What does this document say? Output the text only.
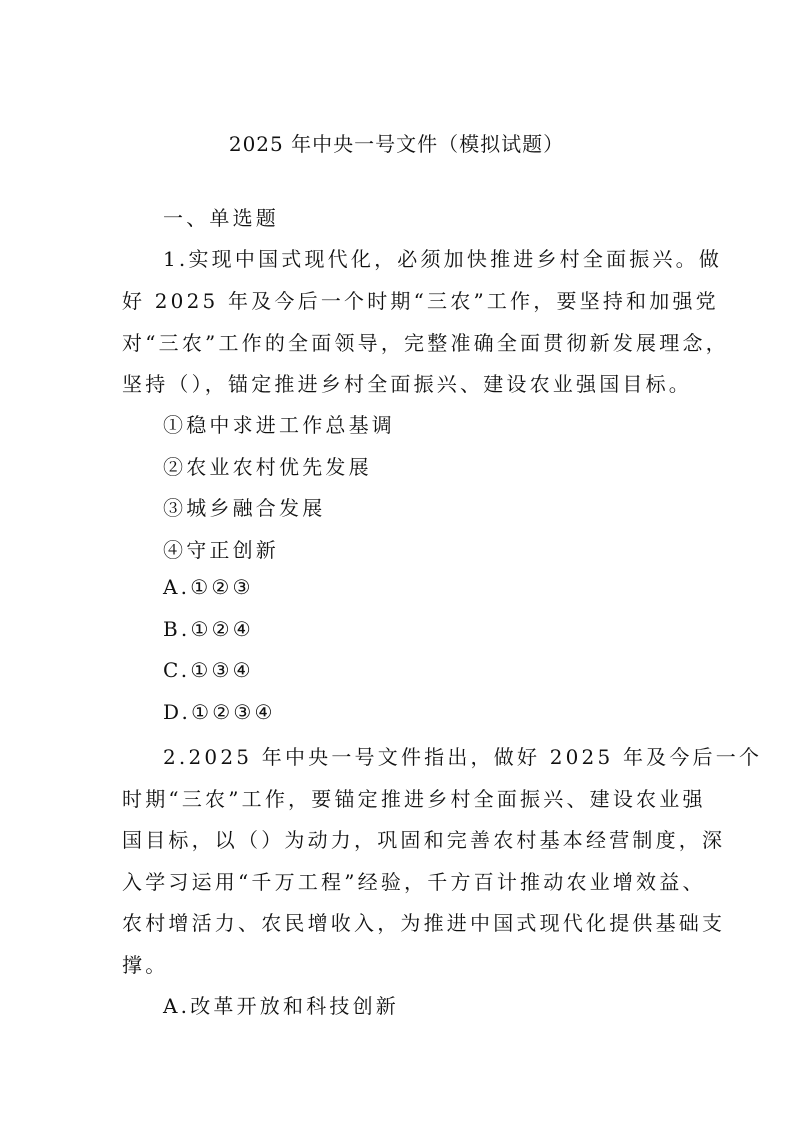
2025 年中央一号文件（模拟试题）
一、单选题
1.实现中国式现代化，必须加快推进乡村全面振兴。做
好 2025 年及今后一个时期“三农”工作，要坚持和加强党
对“三农”工作的全面领导，完整准确全面贯彻新发展理念，
坚持（），锚定推进乡村全面振兴、建设农业强国目标。
①稳中求进工作总基调
②农业农村优先发展
③城乡融合发展
④守正创新
A.①②③
B.①②④
C.①③④
D.①②③④
2.2025 年中央一号文件指出，做好 2025 年及今后一个
时期“三农”工作，要锚定推进乡村全面振兴、建设农业强
国目标，以（）为动力，巩固和完善农村基本经营制度，深
入学习运用“千万工程”经验，千方百计推动农业增效益、
农村增活力、农民增收入，为推进中国式现代化提供基础支
撑。
A.改革开放和科技创新
